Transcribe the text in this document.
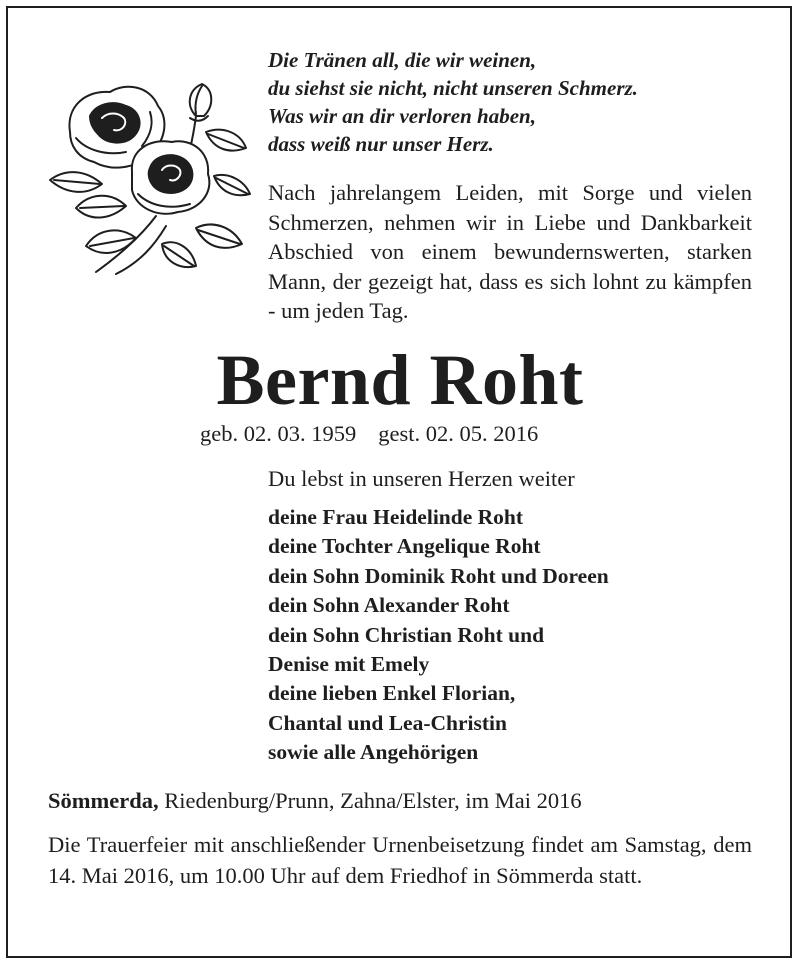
Die Tränen all, die wir weinen,
du siehst sie nicht, nicht unseren Schmerz.
Was wir an dir verloren haben,
dass weiß nur unser Herz.
Nach jahrelangem Leiden, mit Sorge und vielen Schmerzen, nehmen wir in Liebe und Dankbarkeit Abschied von einem bewundernswerten, starken Mann, der gezeigt hat, dass es sich lohnt zu kämpfen - um jeden Tag.
Bernd Roht
geb. 02. 03. 1959 gest. 02. 05. 2016
Du lebst in unseren Herzen weiter
deine Frau Heidelinde Roht
deine Tochter Angelique Roht
dein Sohn Dominik Roht und Doreen
dein Sohn Alexander Roht
dein Sohn Christian Roht und
Denise mit Emely
deine lieben Enkel Florian,
Chantal und Lea-Christin
sowie alle Angehörigen
Sömmerda, Riedenburg/Prunn, Zahna/Elster, im Mai 2016
Die Trauerfeier mit anschließender Urnenbeisetzung findet am Samstag, dem 14. Mai 2016, um 10.00 Uhr auf dem Friedhof in Sömmerda statt.
